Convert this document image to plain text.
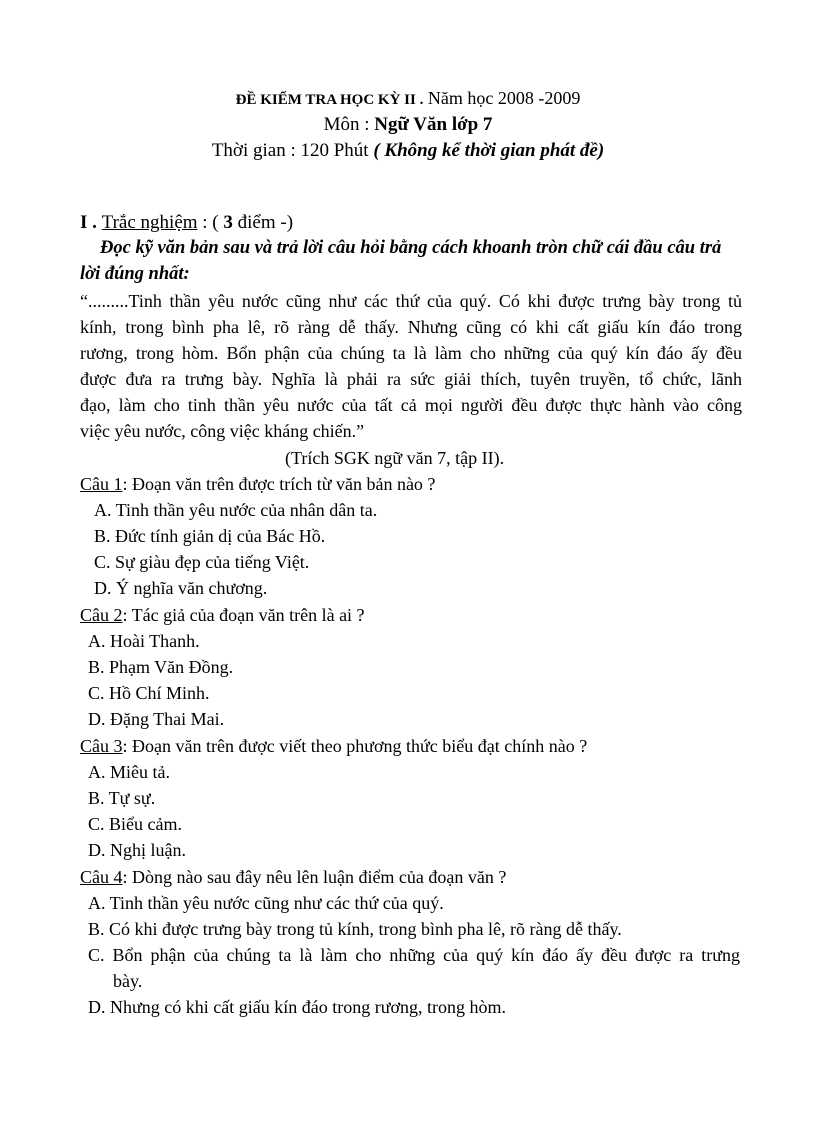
ĐỀ KIỂM TRA HỌC KỲ II . Năm học 2008 -2009
Môn : Ngữ Văn lớp 7
Thời gian : 120 Phút ( Không kể thời gian phát đề)
I . Trắc nghiệm : ( 3 điểm -)
Đọc kỹ văn bản sau và trả lời câu hỏi bằng cách khoanh tròn chữ cái đầu câu trả
lời đúng nhất:
“.........Tinh thần yêu nước cũng như các thứ của quý. Có khi được trưng bày trong tủ
kính, trong bình pha lê, rõ ràng dễ thấy. Nhưng cũng có khi cất giấu kín đáo trong
rương, trong hòm. Bổn phận của chúng ta là làm cho những của quý kín đáo ấy đều
được đưa ra trưng bày. Nghĩa là phải ra sức giải thích, tuyên truyền, tổ chức, lãnh
đạo, làm cho tinh thần yêu nước của tất cả mọi người đều được thực hành vào công
việc yêu nước, công việc kháng chiến.”
(Trích SGK ngữ văn 7, tập II).
Câu 1: Đoạn văn trên được trích từ văn bản nào ?
A. Tinh thần yêu nước của nhân dân ta.
B. Đức tính giản dị của Bác Hồ.
C. Sự giàu đẹp của tiếng Việt.
D. Ý nghĩa văn chương.
Câu 2: Tác giả của đoạn văn trên là ai ?
A. Hoài Thanh.
B. Phạm Văn Đồng.
C. Hồ Chí Minh.
D. Đặng Thai Mai.
Câu 3: Đoạn văn trên được viết theo phương thức biểu đạt chính nào ?
A. Miêu tả.
B. Tự sự.
C. Biểu cảm.
D. Nghị luận.
Câu 4: Dòng nào sau đây nêu lên luận điểm của đoạn văn ?
A. Tinh thần yêu nước cũng như các thứ của quý.
B. Có khi được trưng bày trong tủ kính, trong bình pha lê, rõ ràng dễ thấy.
C. Bổn phận của chúng ta là làm cho những của quý kín đáo ấy đều được ra trưng
bày.
D. Nhưng có khi cất giấu kín đáo trong rương, trong hòm.
